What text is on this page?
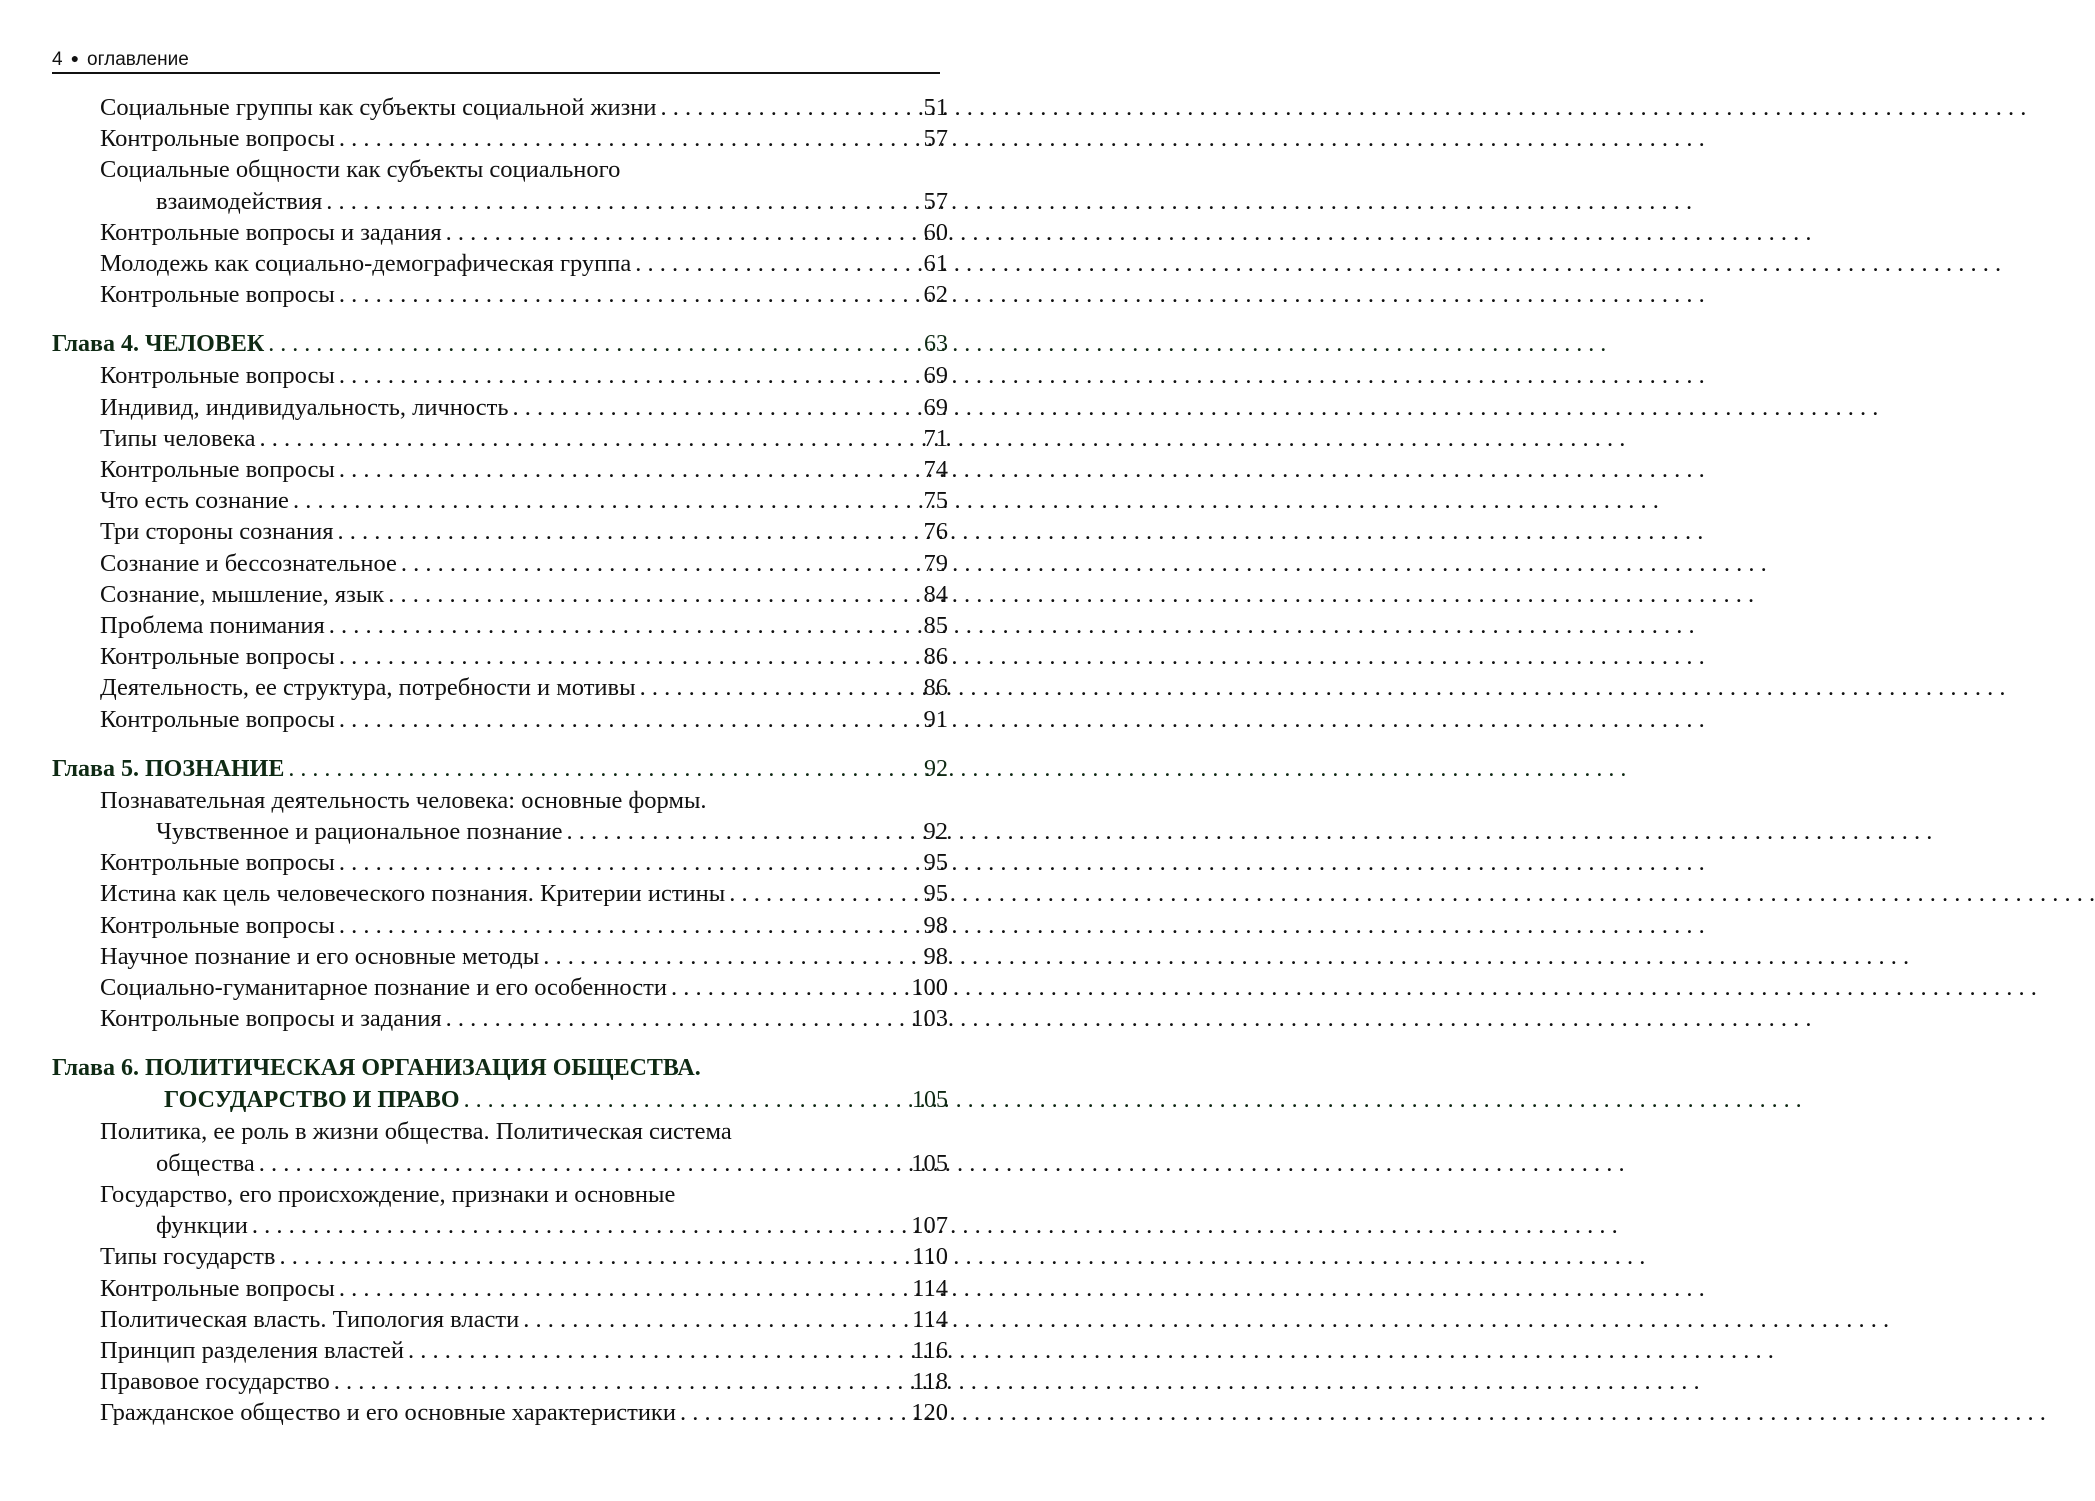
4 ● оглавление
Социальные группы как субъекты социальной жизни . . .	51
Контрольные вопросы . . .	57
Социальные общности как субъекты социального
взаимодействия . . .	57
Контрольные вопросы и задания . . .	60
Молодежь как социально-демографическая группа . . .	61
Контрольные вопросы . . .	62
Глава 4. ЧЕЛОВЕК . . .	63
Контрольные вопросы . . .	69
Индивид, индивидуальность, личность . . .	69
Типы человека . . .	71
Контрольные вопросы . . .	74
Что есть сознание . . .	75
Три стороны сознания . . .	76
Сознание и бессознательное . . .	79
Сознание, мышление, язык . . .	84
Проблема понимания . . .	85
Контрольные вопросы . . .	86
Деятельность, ее структура, потребности и мотивы . . .	86
Контрольные вопросы . . .	91
Глава 5. ПОЗНАНИЕ . . .	92
Познавательная деятельность человека: основные формы.
Чувственное и рациональное познание . . .	92
Контрольные вопросы . . .	95
Истина как цель человеческого познания. Критерии истины . . .	95
Контрольные вопросы . . .	98
Научное познание и его основные методы . . .	98
Социально-гуманитарное познание и его особенности . . .	100
Контрольные вопросы и задания . . .	103
Глава 6. ПОЛИТИЧЕСКАЯ ОРГАНИЗАЦИЯ ОБЩЕСТВА.
ГОСУДАРСТВО И ПРАВО . . .	105
Политика, ее роль в жизни общества. Политическая система
общества . . .	105
Государство, его происхождение, признаки и основные
функции . . .	107
Типы государств . . .	110
Контрольные вопросы . . .	114
Политическая власть. Типология власти . . .	114
Принцип разделения властей . . .	116
Правовое государство . . .	118
Гражданское общество и его основные характеристики . . .	120
